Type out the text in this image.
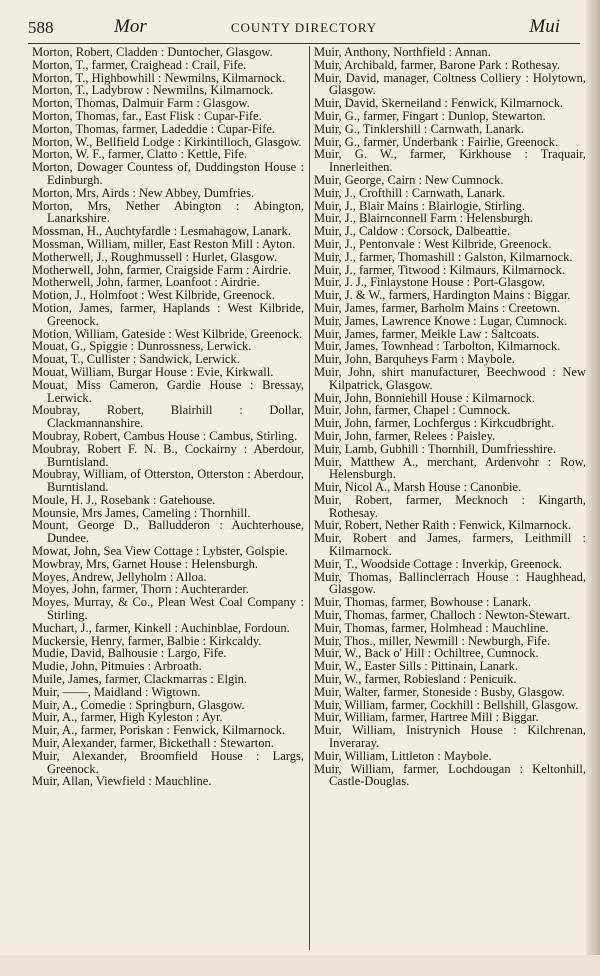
588	Mor	COUNTY DIRECTORY	Mui
Morton, Robert, Cladden : Duntocher, Glasgow.
Morton, T., farmer, Craighead : Crail, Fife.
Morton, T., Highbowhill : Newmilns, Kilmarnock.
Morton, T., Ladybrow : Newmilns, Kilmarnock.
Morton, Thomas, Dalmuir Farm : Glasgow.
Morton, Thomas, far., East Flisk : Cupar-Fife.
Morton, Thomas, farmer, Ladeddie : Cupar-Fife.
Morton, W., Bellfield Lodge : Kirkintilloch, Glasgow.
Morton, W. F., farmer, Clatto : Kettle, Fife.
Morton, Dowager Countess of, Duddingston House : Edinburgh.
Morton, Mrs, Airds : New Abbey, Dumfries.
Morton, Mrs, Nether Abington : Abington, Lanarkshire.
Mossman, H., Auchtyfardle : Lesmahagow, Lanark.
Mossman, William, miller, East Reston Mill : Ayton.
Motherwell, J., Roughmussell : Hurlet, Glasgow.
Motherwell, John, farmer, Craigside Farm : Airdrie.
Motherwell, John, farmer, Loanfoot : Airdrie.
Motion, J., Holmfoot : West Kilbride, Greenock.
Motion, James, farmer, Haplands : West Kilbride, Greenock.
Motion, William, Gateside : West Kilbride, Greenock.
Mouat, G., Spiggie : Dunrossness, Lerwick.
Mouat, T., Cullister : Sandwick, Lerwick.
Mouat, William, Burgar House : Evie, Kirkwall.
Mouat, Miss Cameron, Gardie House : Bressay, Lerwick.
Moubray, Robert, Blairhill : Dollar, Clackmannanshire.
Moubray, Robert, Cambus House : Cambus, Stirling.
Moubray, Robert F. N. B., Cockairny : Aberdour, Burntisland.
Moubray, William, of Otterston, Otterston : Aberdour, Burntisland.
Moule, H. J., Rosebank : Gatehouse.
Mounsie, Mrs James, Cameling : Thornhill.
Mount, George D., Balludderon : Auchterhouse, Dundee.
Mowat, John, Sea View Cottage : Lybster, Golspie.
Mowbray, Mrs, Garnet House : Helensburgh.
Moyes, Andrew, Jellyholm : Alloa.
Moyes, John, farmer, Thorn : Auchterarder.
Moyes, Murray, & Co., Plean West Coal Company : Stirling.
Muchart, J., farmer, Kinkell : Auchinblae, Fordoun.
Muckersie, Henry, farmer, Balbie : Kirkcaldy.
Mudie, David, Balhousie : Largo, Fife.
Mudie, John, Pitmuies : Arbroath.
Muile, James, farmer, Clackmarras : Elgin.
Muir, ——, Maidland : Wigtown.
Muir, A., Comedie : Springburn, Glasgow.
Muir, A., farmer, High Kyleston : Ayr.
Muir, A., farmer, Poriskan : Fenwick, Kilmarnock.
Muir, Alexander, farmer, Bickethall : Stewarton.
Muir, Alexander, Broomfield House : Largs, Greenock.
Muir, Allan, Viewfield : Mauchline.
Muir, Anthony, Northfield : Annan.
Muir, Archibald, farmer, Barone Park : Rothesay.
Muir, David, manager, Coltness Colliery : Holytown, Glasgow.
Muir, David, Skerneiland : Fenwick, Kilmarnock.
Muir, G., farmer, Fingart : Dunlop, Stewarton.
Muir, G., Tinklershill : Carnwath, Lanark.
Muir, G., farmer, Underbank : Fairlie, Greenock.
Muir, G. W., farmer, Kirkhouse : Traquair, Innerleithen.
Muir, George, Cairn : New Cumnock.
Muir, J., Crofthill : Carnwath, Lanark.
Muir, J., Blair Mains : Blairlogie, Stirling.
Muir, J., Blairnconnell Farm : Helensburgh.
Muir, J., Caldow : Corsock, Dalbeattie.
Muir, J., Pentonvale : West Kilbride, Greenock.
Muir, J., farmer, Thomashill : Galston, Kilmarnock.
Muir, J., farmer, Titwood : Kilmaurs, Kilmarnock.
Muir, J. J., Finlaystone House : Port-Glasgow.
Muir, J. & W., farmers, Hardington Mains : Biggar.
Muir, James, farmer, Barholm Mains : Creetown.
Muir, James, Lawrence Knowe : Lugar, Cumnock.
Muir, James, farmer, Meikle Law : Saltcoats.
Muir, James, Townhead : Tarbolton, Kilmarnock.
Muir, John, Barquheys Farm : Maybole.
Muir, John, shirt manufacturer, Beechwood : New Kilpatrick, Glasgow.
Muir, John, Bonniehill House : Kilmarnock.
Muir, John, farmer, Chapel : Cumnock.
Muir, John, farmer, Lochfergus : Kirkcudbright.
Muir, John, farmer, Relees : Paisley.
Muir, Lamb, Gubhill : Thornhill, Dumfriesshire.
Muir, Matthew A., merchant, Ardenvohr : Row, Helensburgh.
Muir, Nicol A., Marsh House : Canonbie.
Muir, Robert, farmer, Mecknoch : Kingarth, Rothesay.
Muir, Robert, Nether Raith : Fenwick, Kilmarnock.
Muir, Robert and James, farmers, Leithmill : Kilmarnock.
Muir, T., Woodside Cottage : Inverkip, Greenock.
Muir, Thomas, Ballinclerrach House : Haughhead, Glasgow.
Muir, Thomas, farmer, Bowhouse : Lanark.
Muir, Thomas, farmer, Challoch : Newton-Stewart.
Muir, Thomas, farmer, Holmhead : Mauchline.
Muir, Thos., miller, Newmill : Newburgh, Fife.
Muir, W., Back o' Hill : Ochiltree, Cumnock.
Muir, W., Easter Sills : Pittinain, Lanark.
Muir, W., farmer, Robiesland : Penicuik.
Muir, Walter, farmer, Stoneside : Busby, Glasgow.
Muir, William, farmer, Cockhill : Bellshill, Glasgow.
Muir, William, farmer, Hartree Mill : Biggar.
Muir, William, Inistrynich House : Kilchrenan, Inveraray.
Muir, William, Littleton : Maybole.
Muir, William, farmer, Lochdougan : Keltonhill, Castle-Douglas.
